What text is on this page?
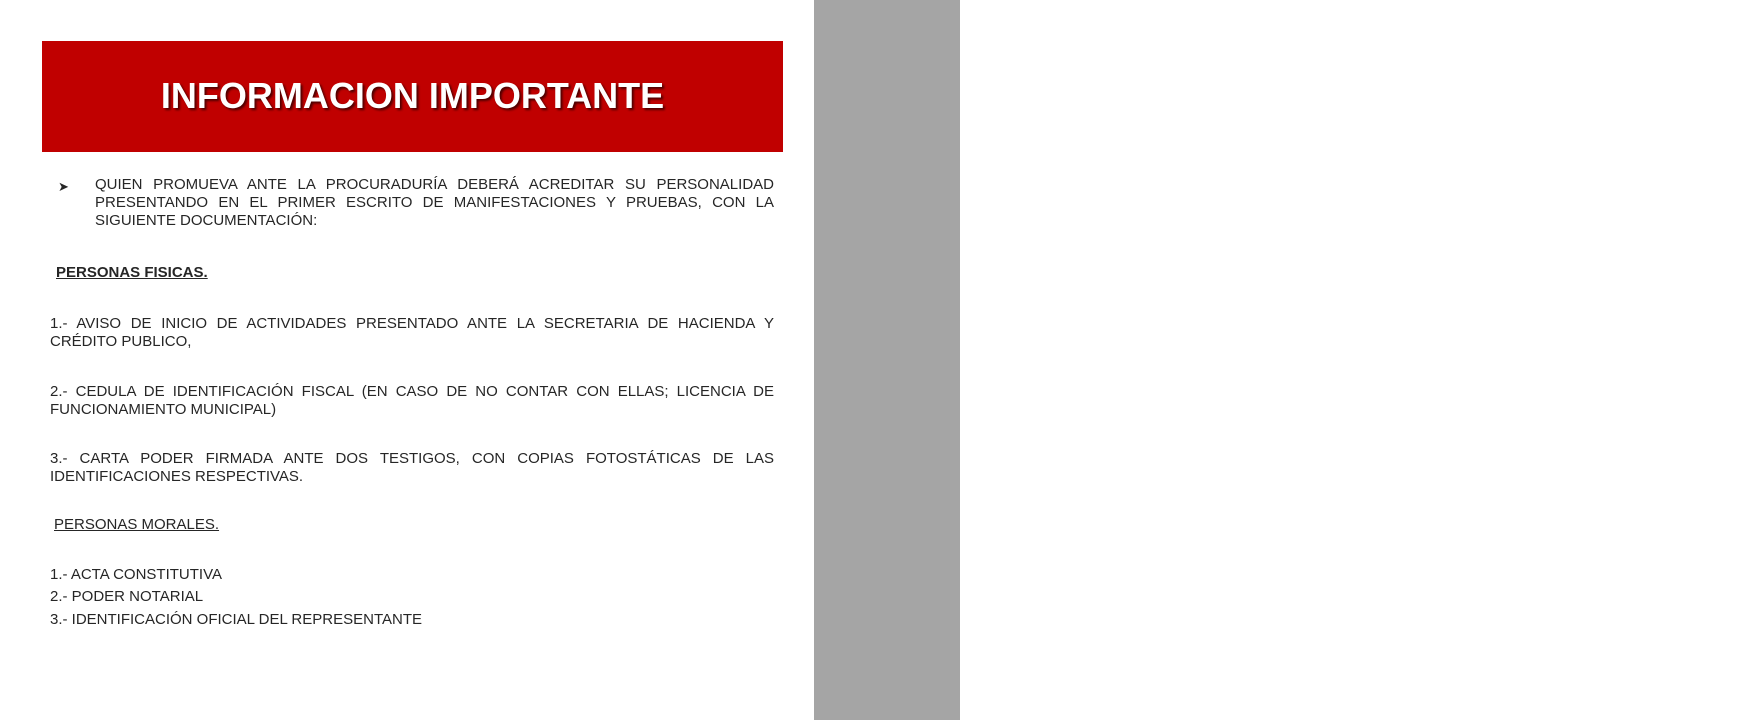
PROFECO
PROCURADURÍA FEDERAL
DEL CONSUMIDOR
INFORMACION IMPORTANTE
➤ QUIEN PROMUEVA ANTE LA PROCURADURÍA DEBERÁ ACREDITAR SU PERSONALIDAD PRESENTANDO EN EL PRIMER ESCRITO DE MANIFESTACIONES Y PRUEBAS, CON LA SIGUIENTE DOCUMENTACIÓN:
PERSONAS FISICAS.
1.- AVISO DE INICIO DE ACTIVIDADES PRESENTADO ANTE LA SECRETARIA DE HACIENDA Y CRÉDITO PUBLICO,
2.- CEDULA DE IDENTIFICACIÓN FISCAL (EN CASO DE NO CONTAR CON ELLAS; LICENCIA DE FUNCIONAMIENTO MUNICIPAL)
3.- CARTA PODER FIRMADA ANTE DOS TESTIGOS, CON COPIAS FOTOSTÁTICAS DE LAS IDENTIFICACIONES RESPECTIVAS.
PERSONAS MORALES.
1.- ACTA CONSTITUTIVA
2.- PODER NOTARIAL
3.- IDENTIFICACIÓN OFICIAL DEL REPRESENTANTE
